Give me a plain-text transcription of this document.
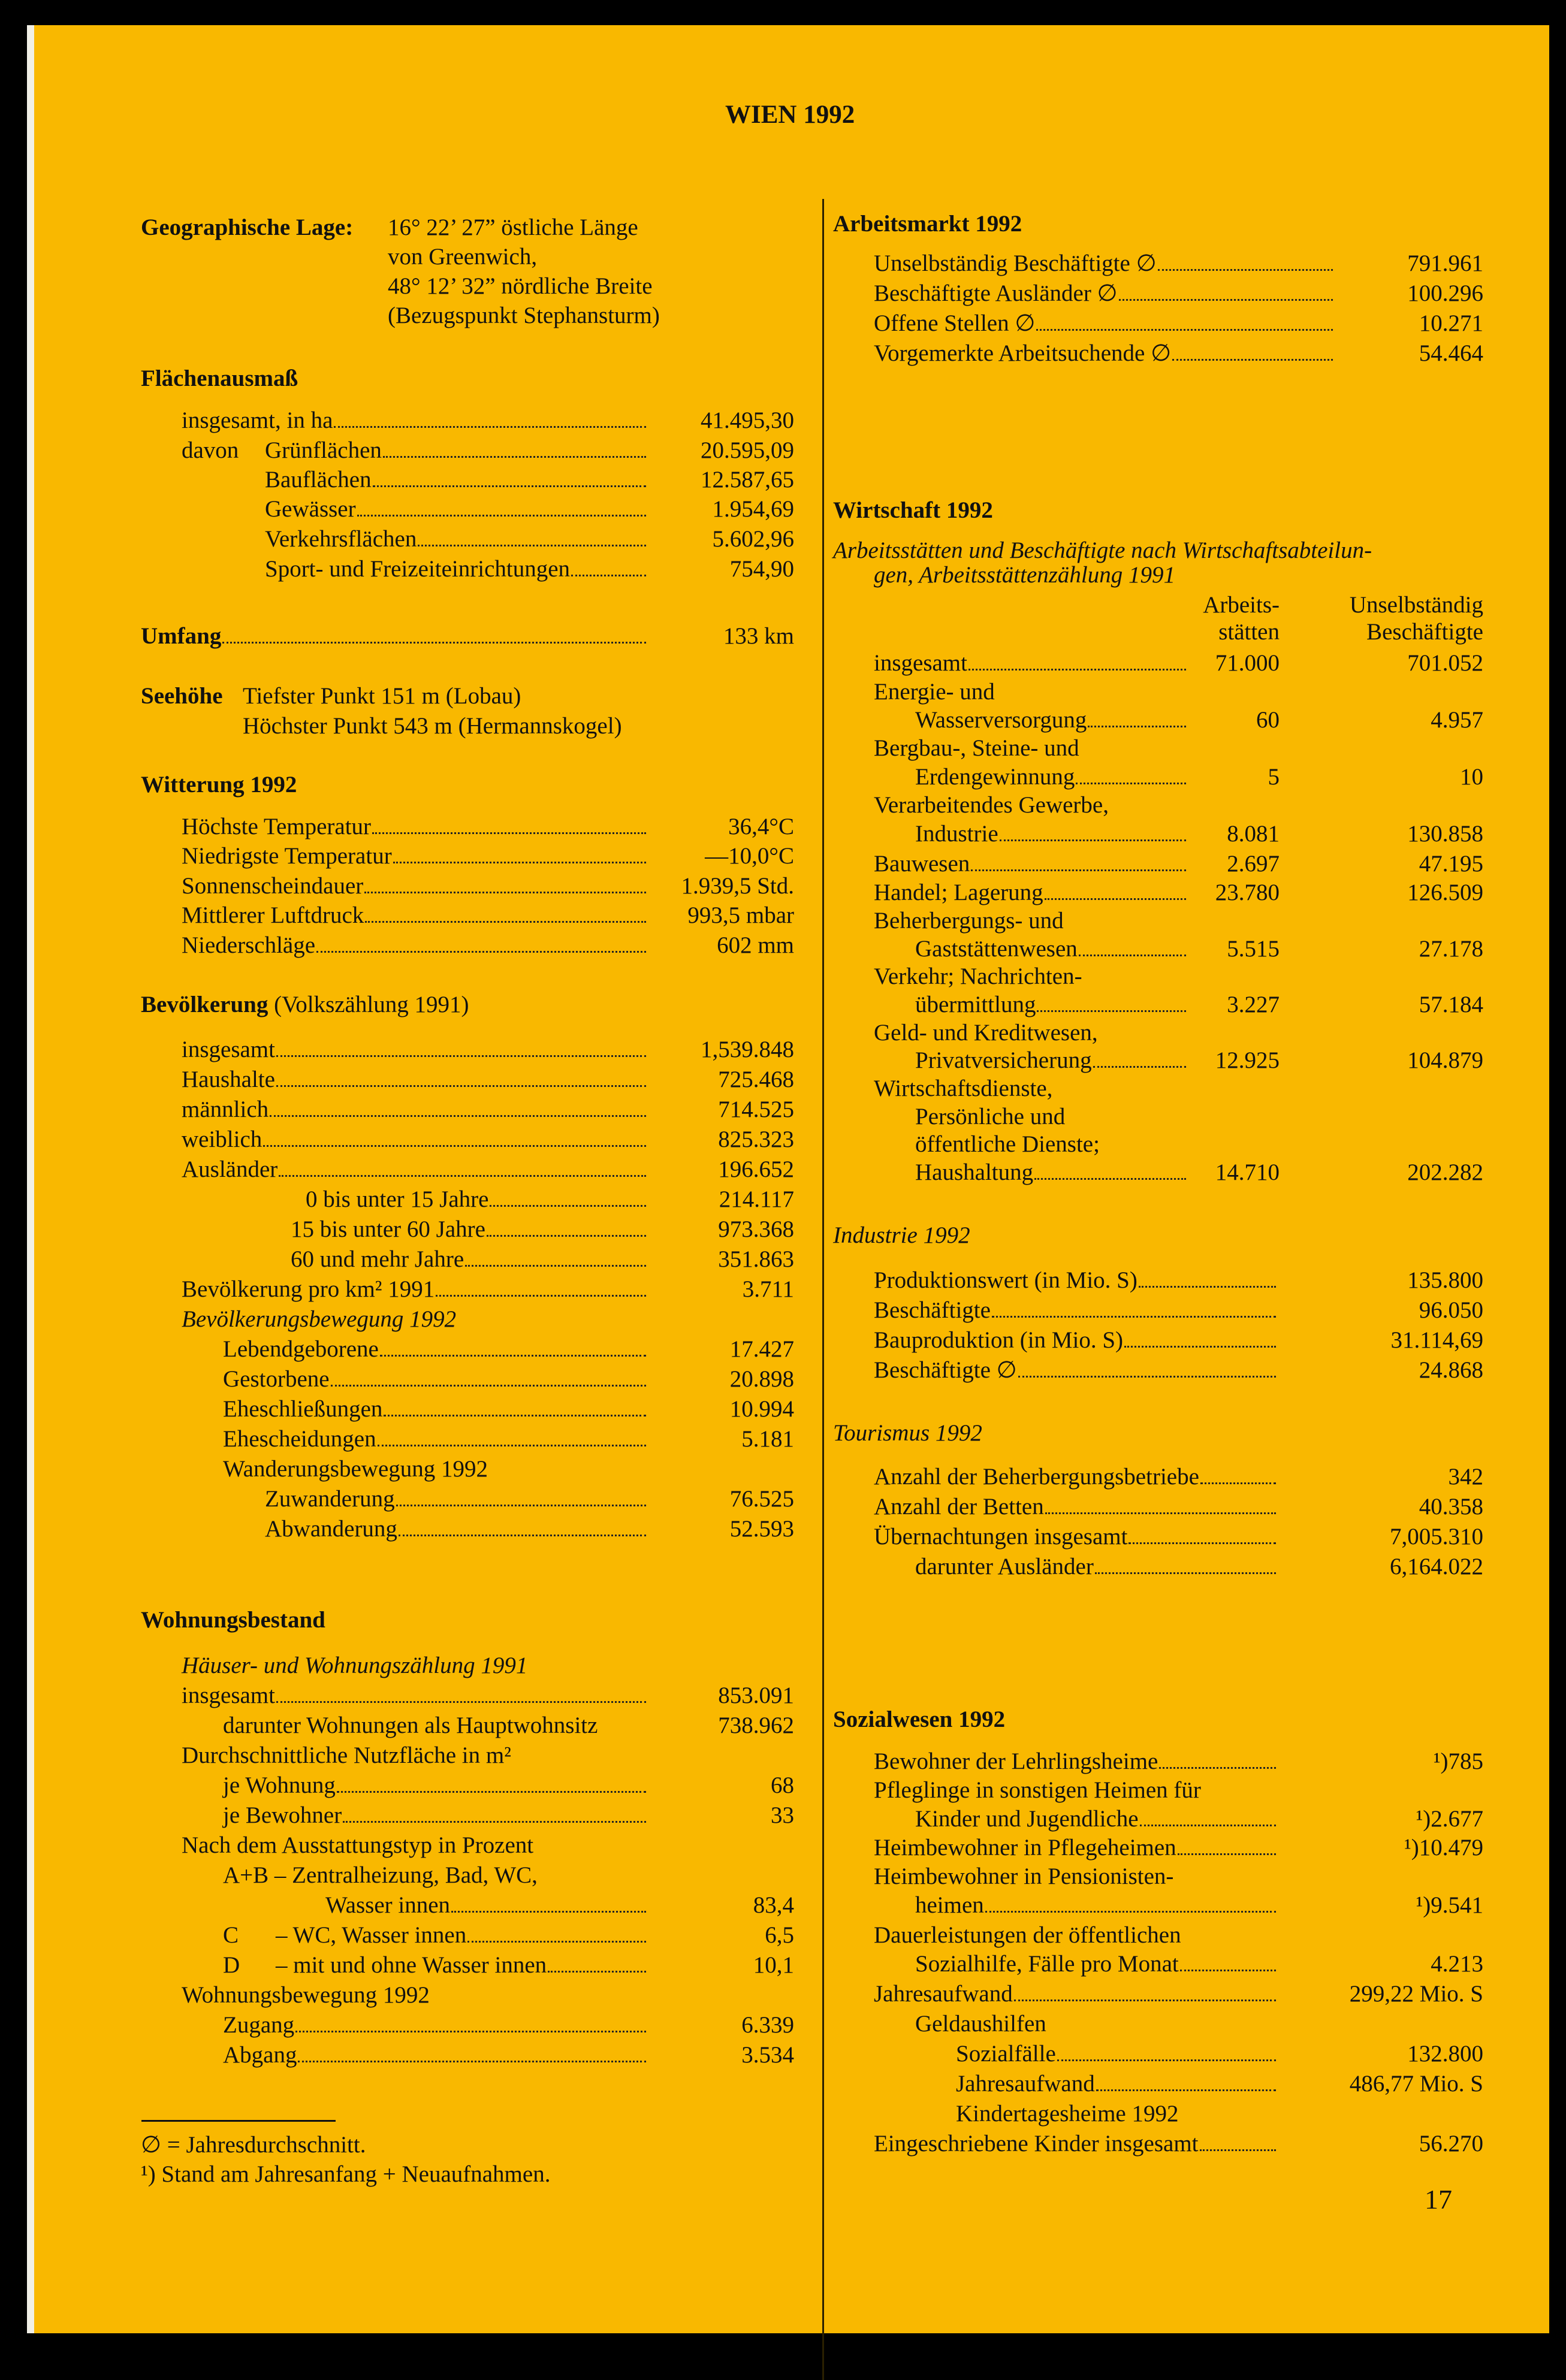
WIEN 1992
Geographische Lage: 16° 22’ 27” östliche Länge
von Greenwich,
48° 12’ 32” nördliche Breite
(Bezugspunkt Stephansturm)
Flächenausmaß
insgesamt, in ha	41.495,30
davon Grünflächen	20.595,09
Bauflächen	12.587,65
Gewässer	1.954,69
Verkehrsflächen	5.602,96
Sport- und Freizeiteinrichtungen	754,90
Umfang	133 km
Seehöhe Tiefster Punkt 151 m (Lobau)
Höchster Punkt 543 m (Hermannskogel)
Witterung 1992
Höchste Temperatur	36,4°C
Niedrigste Temperatur	—10,0°C
Sonnenscheindauer	1.939,5 Std.
Mittlerer Luftdruck	993,5 mbar
Niederschläge	602 mm
Bevölkerung (Volkszählung 1991)
insgesamt	1,539.848
Haushalte	725.468
männlich	714.525
weiblich	825.323
Ausländer	196.652
0 bis unter 15 Jahre	214.117
15 bis unter 60 Jahre	973.368
60 und mehr Jahre	351.863
Bevölkerung pro km² 1991	3.711
Bevölkerungsbewegung 1992
Lebendgeborene	17.427
Gestorbene	20.898
Eheschließungen	10.994
Ehescheidungen	5.181
Wanderungsbewegung 1992
Zuwanderung	76.525
Abwanderung	52.593
Wohnungsbestand
Häuser- und Wohnungszählung 1991
insgesamt	853.091
darunter Wohnungen als Hauptwohnsitz	738.962
Durchschnittliche Nutzfläche in m²
je Wohnung	68
je Bewohner	33
Nach dem Ausstattungstyp in Prozent
A+B – Zentralheizung, Bad, WC,
Wasser innen	83,4
C – WC, Wasser innen	6,5
D – mit und ohne Wasser innen	10,1
Wohnungsbewegung 1992
Zugang	6.339
Abgang	3.534
∅ = Jahresdurchschnitt.
¹) Stand am Jahresanfang + Neuaufnahmen.
Arbeitsmarkt 1992
Unselbständig Beschäftigte ∅	791.961
Beschäftigte Ausländer ∅	100.296
Offene Stellen ∅	10.271
Vorgemerkte Arbeitsuchende ∅	54.464
Wirtschaft 1992
Arbeitsstätten und Beschäftigte nach Wirtschaftsabteilun-
gen, Arbeitsstättenzählung 1991
Arbeits-
stätten
Unselbständig
Beschäftigte
insgesamt	71.000	701.052
Energie- und
Wasserversorgung	60	4.957
Bergbau-, Steine- und
Erdengewinnung	5	10
Verarbeitendes Gewerbe,
Industrie	8.081	130.858
Bauwesen	2.697	47.195
Handel; Lagerung	23.780	126.509
Beherbergungs- und
Gaststättenwesen	5.515	27.178
Verkehr; Nachrichten-
übermittlung	3.227	57.184
Geld- und Kreditwesen,
Privatversicherung	12.925	104.879
Wirtschaftsdienste,
Persönliche und
öffentliche Dienste;
Haushaltung	14.710	202.282
Industrie 1992
Produktionswert (in Mio. S)	135.800
Beschäftigte	96.050
Bauproduktion (in Mio. S)	31.114,69
Beschäftigte ∅	24.868
Tourismus 1992
Anzahl der Beherbergungsbetriebe	342
Anzahl der Betten	40.358
Übernachtungen insgesamt	7,005.310
darunter Ausländer	6,164.022
Sozialwesen 1992
Bewohner der Lehrlingsheime	¹)785
Pfleglinge in sonstigen Heimen für
Kinder und Jugendliche	¹)2.677
Heimbewohner in Pflegeheimen	¹)10.479
Heimbewohner in Pensionisten-
heimen	¹)9.541
Dauerleistungen der öffentlichen
Sozialhilfe, Fälle pro Monat	4.213
Jahresaufwand	299,22 Mio. S
Geldaushilfen
Sozialfälle	132.800
Jahresaufwand	486,77 Mio. S
Kindertagesheime 1992
Eingeschriebene Kinder insgesamt	56.270
17
